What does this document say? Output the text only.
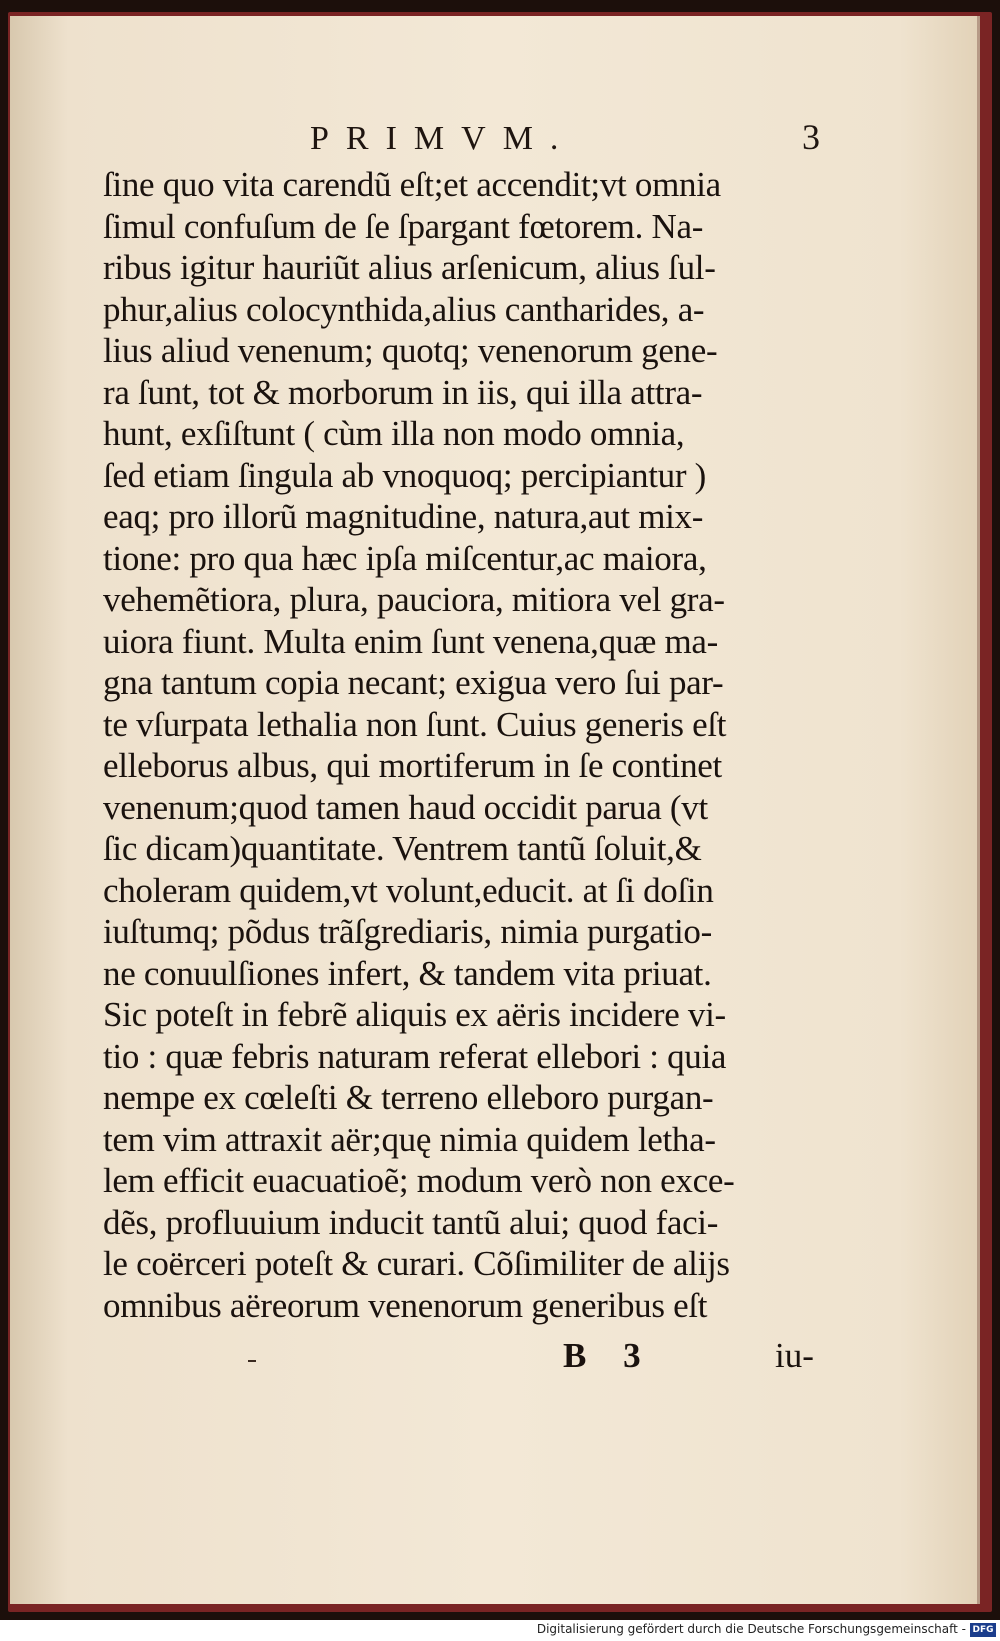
PRIMVM.	3
ſine quo vita carendũ eſt;et accendit;vt omnia
ſimul confuſum de ſe ſpargant fœtorem. Na-
ribus igitur hauriũt alius arſenicum, alius ſul-
phur,alius colocynthida,alius cantharides, a-
lius aliud venenum; quotq; venenorum gene-
ra ſunt, tot & morborum in iis, qui illa attra-
hunt, exſiſtunt ( cùm illa non modo omnia,
ſed etiam ſingula ab vnoquoq; percipiantur )
eaq; pro illorũ magnitudine, natura,aut mix-
tione: pro qua hæc ipſa miſcentur,ac maiora,
vehemẽtiora, plura, pauciora, mitiora vel gra-
uiora fiunt. Multa enim ſunt venena,quæ ma-
gna tantum copia necant; exigua vero ſui par-
te vſurpata lethalia non ſunt. Cuius generis eſt
elleborus albus, qui mortiferum in ſe continet
venenum;quod tamen haud occidit parua (vt
ſic dicam)quantitate. Ventrem tantũ ſoluit,&
choleram quidem,vt volunt,educit. at ſi doſin
iuſtumq; põdus trãſgrediaris, nimia purgatio-
ne conuulſiones infert, & tandem vita priuat.
Sic poteſt in febrẽ aliquis ex aëris incidere vi-
tio : quæ febris naturam referat ellebori : quia
nempe ex cœleſti & terreno elleboro purgan-
tem vim attraxit aër;quę nimia quidem letha-
lem efficit euacuatioẽ; modum verò non exce-
dẽs, profluuium inducit tantũ alui; quod faci-
le coërceri poteſt & curari. Cõſimiliter de alijs
omnibus aëreorum venenorum generibus eſt
B 3	iu-
Digitalisierung gefördert durch die Deutsche Forschungsgemeinschaft - DFG
